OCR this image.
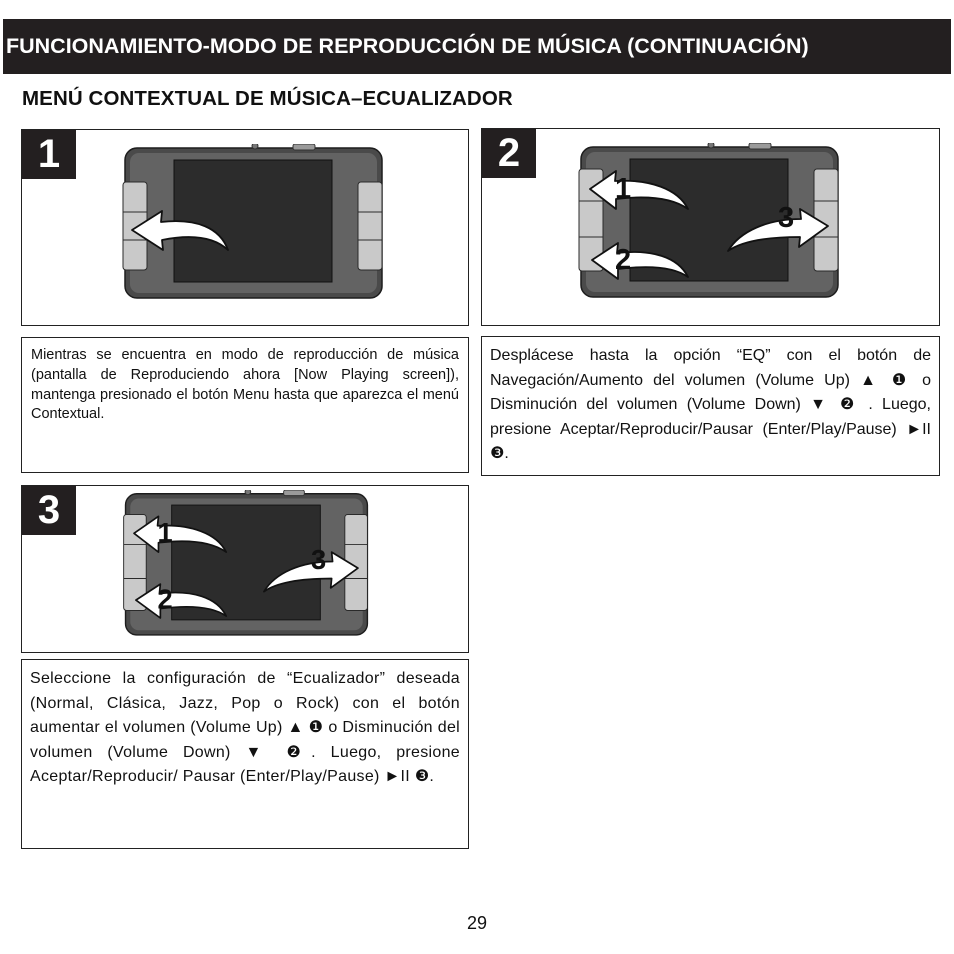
FUNCIONAMIENTO-MODO DE REPRODUCCIÓN DE MÚSICA (CONTINUACIÓN)
MENÚ CONTEXTUAL DE MÚSICA–ECUALIZADOR
1
Mientras se encuentra en modo de reproducción de música (pantalla de Reproduciendo ahora [Now Playing screen]), mantenga presionado el botón Menu hasta que aparezca el menú Contextual.
2
1
2
3
Desplácese hasta la opción “EQ” con el botón de Navegación/Aumento del volumen (Volume Up) ▲ ❶ o Disminución del volumen (Volume Down) ▼ ❷ . Luego, presione Aceptar/Reproducir/Pausar (Enter/Play/Pause) ►II ❸.
3
1
2
3
Seleccione la configuración de “Ecualizador” deseada (Normal, Clásica, Jazz, Pop o Rock) con el botón aumentar el volumen (Volume Up) ▲ ❶ o Disminución del volumen (Volume Down) ▼ ❷. Luego, presione Aceptar/Reproducir/ Pausar (Enter/Play/Pause) ►II ❸.
29
